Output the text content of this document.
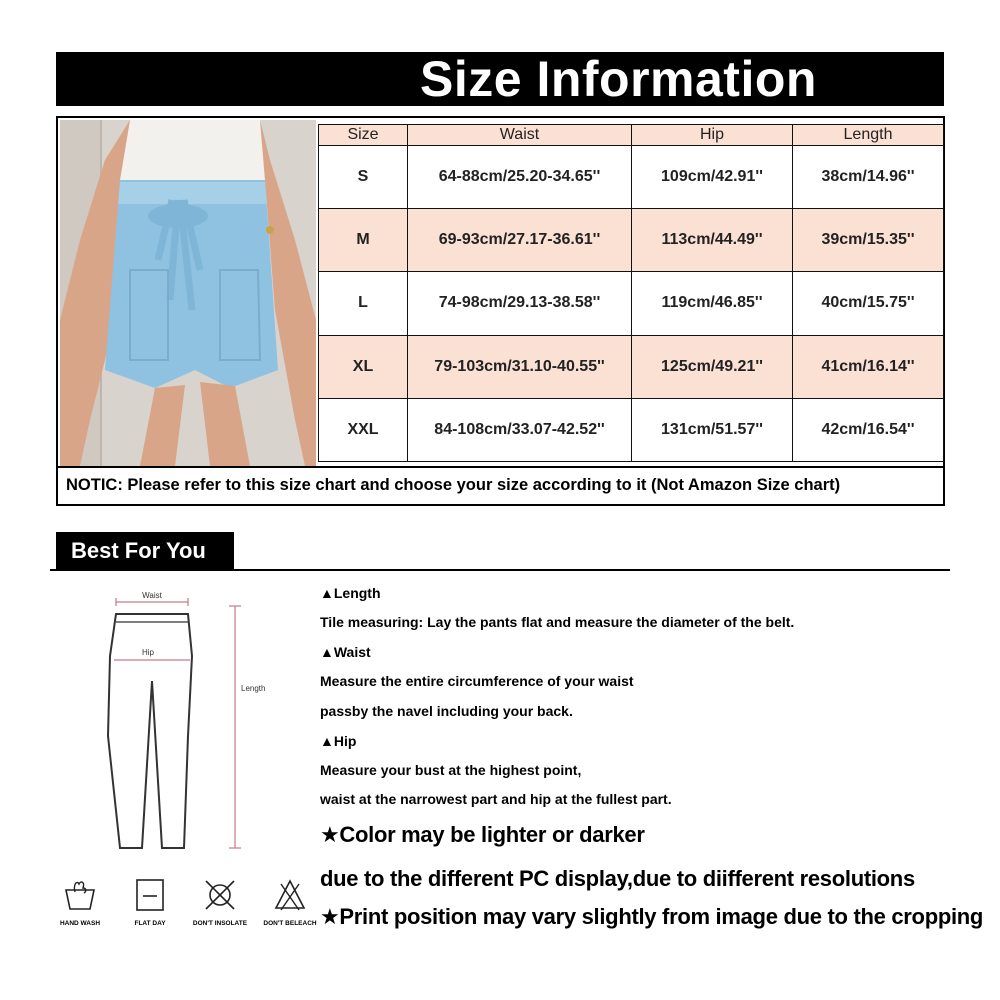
Size Information
Size	Waist	Hip	Length
S	64-88cm/25.20-34.65''	109cm/42.91''	38cm/14.96''
M	69-93cm/27.17-36.61''	113cm/44.49''	39cm/15.35''
L	74-98cm/29.13-38.58''	119cm/46.85''	40cm/15.75''
XL	79-103cm/31.10-40.55''	125cm/49.21''	41cm/16.14''
XXL	84-108cm/33.07-42.52''	131cm/51.57''	42cm/16.54''
NOTIC: Please refer to this size chart and choose your size according to it (Not Amazon Size chart)
Best For You
Waist
Hip
Length
HAND WASH	FLAT DAY	DON'T INSOLATE	DON'T BELEACH
▲Length
Tile measuring: Lay the pants flat and measure the diameter of the belt.
▲Waist
Measure the entire circumference of your waist
passby the navel including your back.
▲Hip
Measure your bust at the highest point,
waist at the narrowest part and hip at the fullest part.
★Color may be lighter or darker
due to the different PC display,due to diifferent resolutions
★Print position may vary slightly from image due to the cropping
